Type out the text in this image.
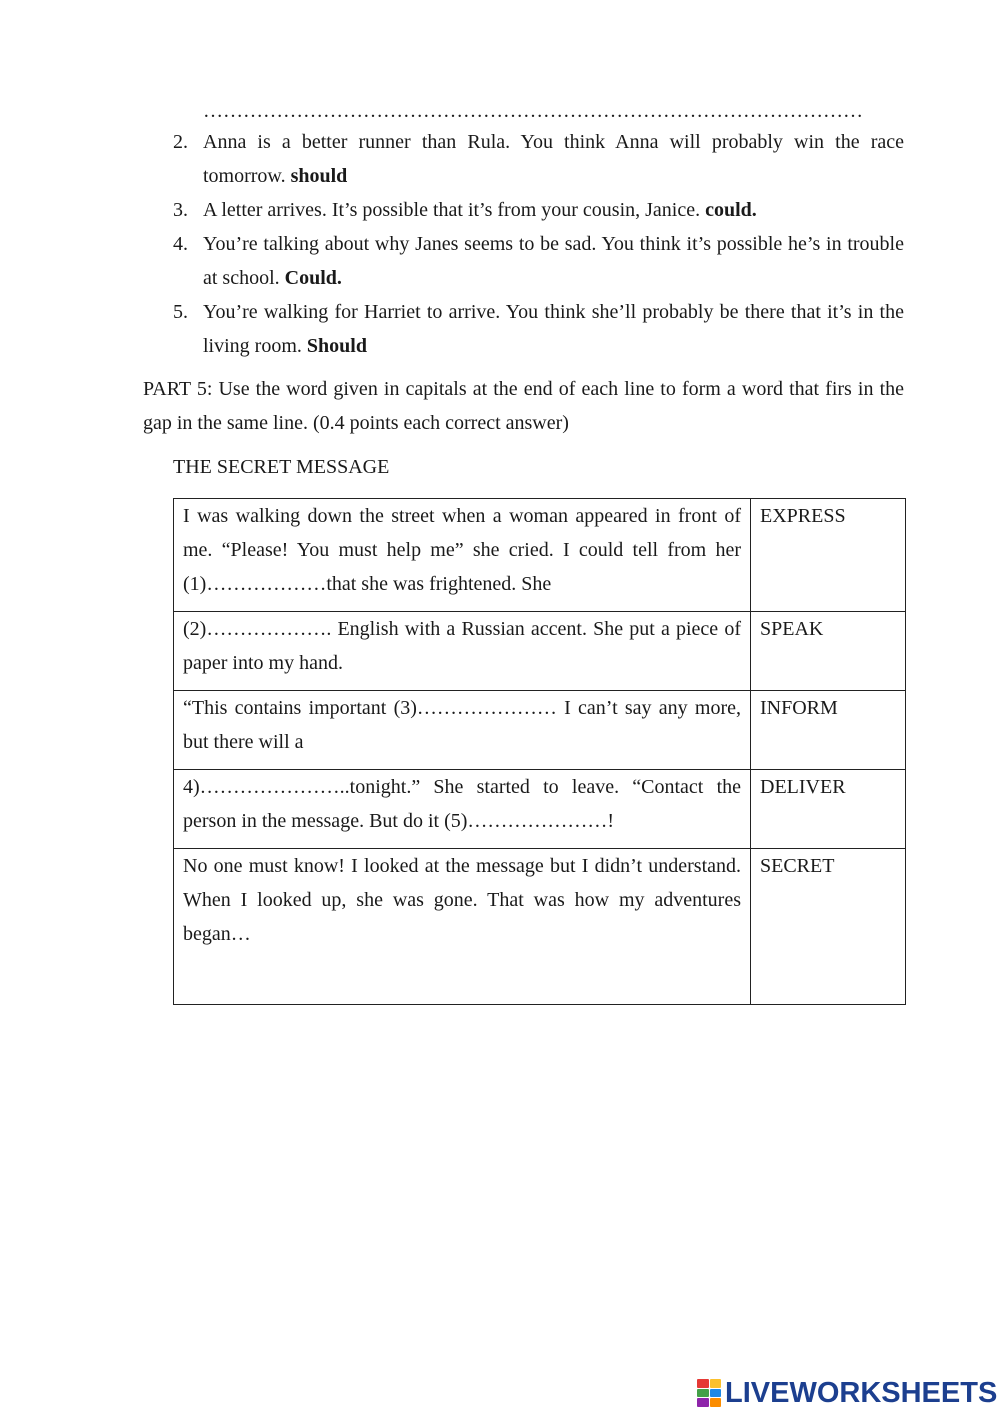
………………………………………………………………………………………
2. Anna is a better runner than Rula. You think Anna will probably win the race tomorrow. should
3. A letter arrives. It’s possible that it’s from your cousin, Janice. could.
4. You’re talking about why Janes seems to be sad. You think it’s possible he’s in trouble at school. Could.
5. You’re walking for Harriet to arrive. You think she’ll probably be there that it’s in the living room. Should
PART 5: Use the word given in capitals at the end of each line to form a word that firs in the gap in the same line. (0.4 points each correct answer)
THE SECRET MESSAGE
I was walking down the street when a woman appeared in front of me. “Please! You must help me” she cried. I could tell from her (1)………………that she was frightened. She	EXPRESS
(2)………………. English with a Russian accent. She put a piece of paper into my hand.	SPEAK
“This contains important (3)………………… I can’t say any more, but there will a	INFORM
4)…………………..tonight.” She started to leave. “Contact the person in the message. But do it (5)…………………!	DELIVER
No one must know! I looked at the message but I didn’t understand. When I looked up, she was gone. That was how my adventures began…	SECRET
LIVEWORKSHEETS
